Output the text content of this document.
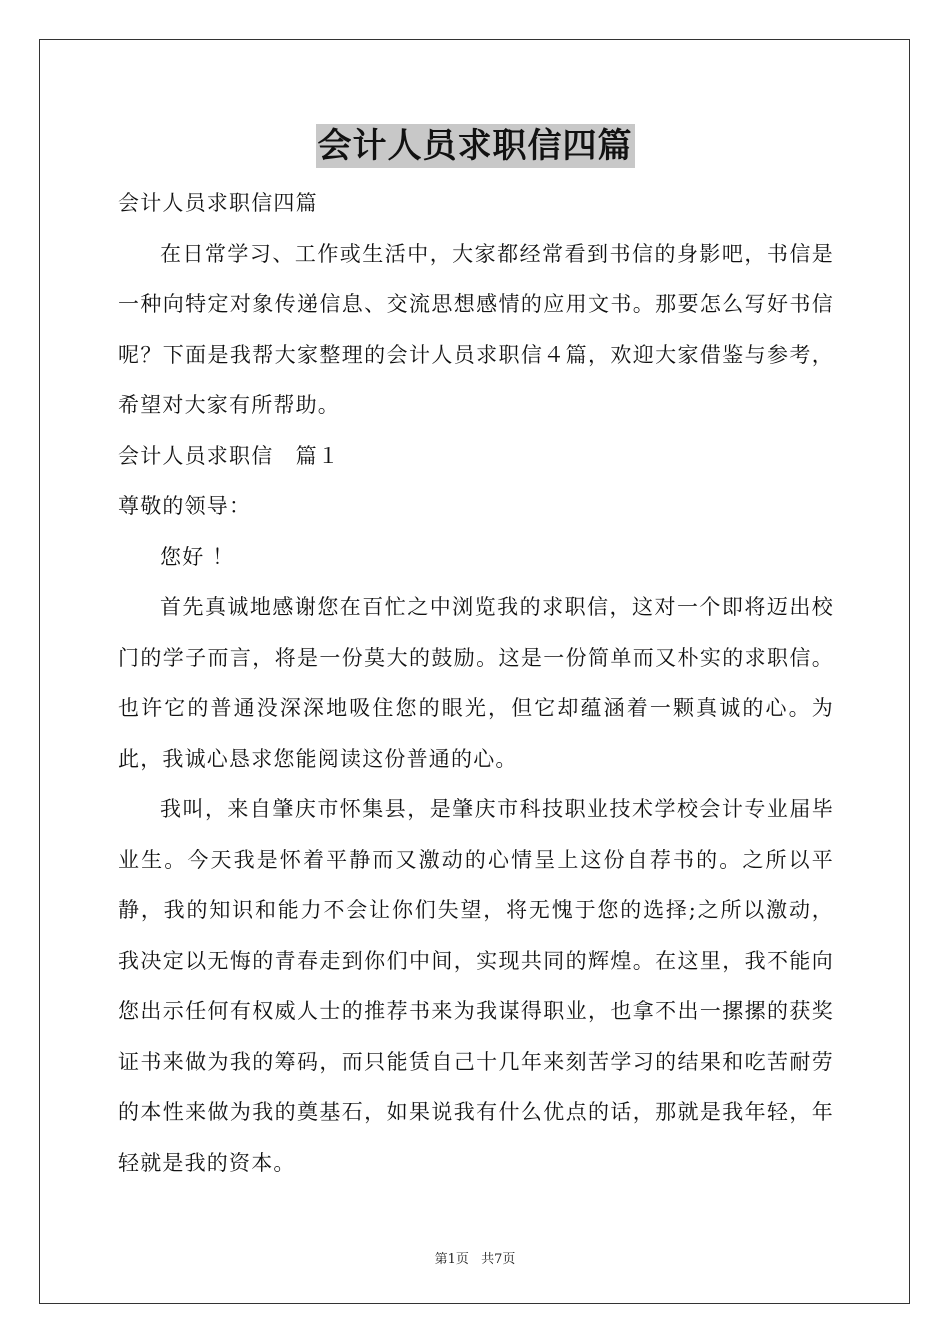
会计人员求职信四篇
会计人员求职信四篇
在日常学习、工作或生活中，大家都经常看到书信的身影吧，书信是一种向特定对象传递信息、交流思想感情的应用文书。那要怎么写好书信呢？下面是我帮大家整理的会计人员求职信４篇，欢迎大家借鉴与参考，希望对大家有所帮助。
会计人员求职信　篇１
尊敬的领导：
您好 ！
首先真诚地感谢您在百忙之中浏览我的求职信，这对一个即将迈出校门的学子而言，将是一份莫大的鼓励。这是一份简单而又朴实的求职信。也许它的普通没深深地吸住您的眼光，但它却蕴涵着一颗真诚的心。为此，我诚心恳求您能阅读这份普通的心。
我叫，来自肇庆市怀集县，是肇庆市科技职业技术学校会计专业届毕业生。今天我是怀着平静而又激动的心情呈上这份自荐书的。之所以平静，我的知识和能力不会让你们失望，将无愧于您的选择;之所以激动，我决定以无悔的青春走到你们中间，实现共同的辉煌。在这里，我不能向您出示任何有权威人士的推荐书来为我谋得职业，也拿不出一摞摞的获奖证书来做为我的筹码，而只能赁自己十几年来刻苦学习的结果和吃苦耐劳的本性来做为我的奠基石，如果说我有什么优点的话，那就是我年轻，年轻就是我的资本。
第1页 共7页
